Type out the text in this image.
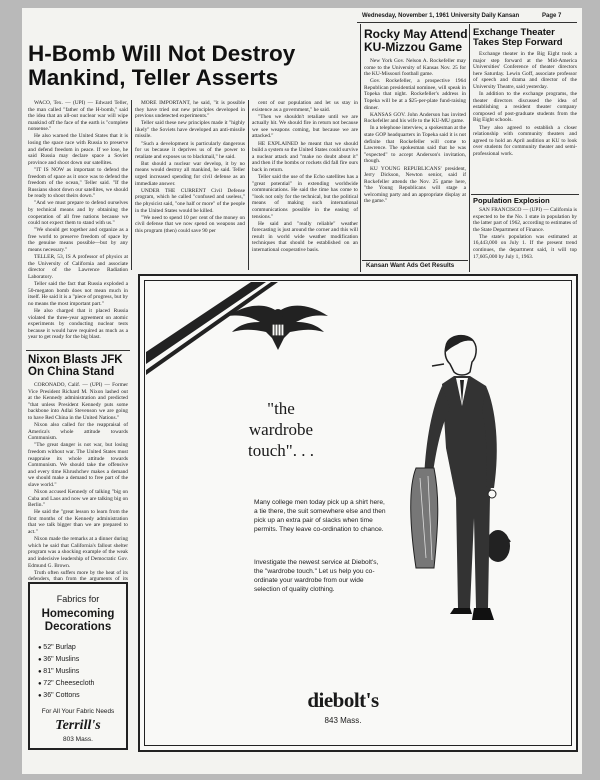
Wednesday, November 1, 1961 University Daily Kansan	Page 7
H-Bomb Will Not Destroy
Mankind, Teller Asserts

WACO, Tex. — (UPI) — Edward Teller, the man called "father of the H-bomb," said the idea that an all-out nuclear war will wipe mankind off the face of the earth is "complete nonsense."

He also warned the United States that it is losing the space race with Russia to preserve and defend freedom in peace. If we lose, he said Russia may declare space a Soviet province and shoot down our satellites.

"IT IS NOW as important to defend the freedom of space as it once was to defend the freedom of the ocean," Teller said. "If the Russians shoot down our satellites, we should be ready to shoot theirs down."

"And we must prepare to defend ourselves by technical means and by obtaining the cooperation of all free nations because we could not expect them to stand with us."

"We should get together and organize as a free world to preserve freedom of space by the genuine means possible—but by any means necessary."

TELLER, 53, IS A professor of physics at the University of California and associate director of the Lawrence Radiation Laboratory.

Teller said the fact that Russia exploded a 50-megaton bomb does not mean much in itself. He said it is a "piece of progress, but by no means the most important part."

He also charged that it placed Russia violated the three-year agreement on atomic experiments by conducting nuclear tests because it would have required as much as a year to get ready for the big blast.

MORE IMPORTANT, he said, "it is possible they have tried out new principles developed in previous undetected experiments."

Teller said these new principles made it "highly likely" the Soviets have developed an anti-missile missile.

"Such a development is particularly dangerous for us because it deprives us of the power to retaliate and exposes us to blackmail," he said.

But should a nuclear war develop, it by no means would destroy all mankind, he said. Teller urged increased spending for civil defense as an immediate answer.

UNDER THE CURRENT Civil Defense program, which he called "confused and useless," the physicist said, "one half or more" of the people in the United States would be killed.

"We need to spend 10 per cent of the money on civil defense that we now spend on weapons and this program (then) could save 90 per

cent of our population and let us stay in existence as a government," he said.

"Then we shouldn't retaliate until we are actually hit. We should fire in return not because we see weapons coming, but because we are attacked."

HE EXPLAINED he meant that we should build a system so the United States could survive a nuclear attack and "make no doubt about it" and then if the bombs or rockets did fall fire ours back in return.

Teller said the use of the Echo satellites has a "great potential" in extending worldwide communications. He said the time has come to "look not only for the technical, but the political means of making such international communications possible in the easing of tensions."

He said and "really reliable" weather forecasting is just around the corner and this will result in world wide weather modification techniques that should be established on an international cooperative basis.

Rocky May Attend
KU-Mizzou Game

New York Gov. Nelson A. Rockefeller may come to the University of Kansas Nov. 25 for the KU-Missouri football game.

Gov. Rockefeller, a prospective 1964 Republican presidential nominee, will speak in Topeka that night. Rockefeller's address in Topeka will be at a $25-per-plate fund-raising dinner.

KANSAS GOV. John Anderson has invited Rockefeller and his wife to the KU-MU game.

In a telephone interview, a spokesman at the state GOP headquarters in Topeka said it is not definite that Rockefeller will come to Lawrence. The spokesman said that he was "expected" to accept Anderson's invitation, though.

KU YOUNG REPUBLICANS' president, Jerry Dickson, Newton senior, said if Rockefeller attends the Nov. 25 game here, "the Young Republicans will stage a welcoming party and an appropriate display at the game."

Kansan Want Ads Get Results
Exchange Theater
Takes Step Forward

Exchange theater in the Big Eight took a major step forward at the Mid-America Universities' Conference of theater directors here Saturday. Lewin Goff, associate professor of speech and drama and director of the University Theatre, said yesterday.

In addition to the exchange programs, the theater directors discussed the idea of establishing a resident theater company composed of post-graduate students from the Big Eight schools.

They also agreed to establish a closer relationship with community theaters and agreed to hold an April audition at KU to look over students for community theater and semi-professional work.

Population Explosion

SAN FRANCISCO — (UPI) — California is expected to be the No. 1 state in population by the latter part of 1962, according to estimates of the State Department of Finance.

The state's population was estimated at 16,443,000 on July 1. If the present trend continues, the department said, it will top 17,605,000 by July 1, 1963.

Nixon Blasts JFK
On China Stand

CORONADO, Calif. — (UPI) — Former Vice President Richard M. Nixon lashed out at the Kennedy administration and predicted "that unless President Kennedy puts some backbone into Adlai Stevenson we are going to have Red China in the United Nations."

Nixon also called for the reappraisal of America's whole attitude towards Communism.

"The great danger is not war, but losing freedom without war. The United States must reappraise its whole attitude towards Communism. We should take the offensive and every time Khrushchev makes a demand we should make a demand to free part of the slave world."

Nixon accused Kennedy of talking "big on Cuba and Laos and now we are talking big on Berlin."

He said the "great lesson to learn from the first months of the Kennedy administration that we talk bigger than we are prepared to act."

Nixon made the remarks at a dinner during which he said that California's fallout shelter program was a shocking example of the weak and indecisive leadership of Democratic Gov. Edmund G. Brown.

Truth often suffers more by the heat of its defenders, than from the arguments of its

Fabrics for
Homecoming
Decorations
● 52" Burlap
● 36" Muslins
● 81" Muslins
● 72" Cheesecloth
● 36" Cottons
For All Your Fabric Needs
Terrill's
803 Mass.
"the
wardrobe
touch". . .
Many college men today pick up a shirt here, a tie there, the suit somewhere else and then pick up an extra pair of slacks when time permits. They leave co-ordination to chance.
Investigate the newest service at Diebolt's, the "wardrobe touch." Let us help you co-ordinate your wardrobe from our wide selection of quality clothing.
diebolt's
843 Mass.
